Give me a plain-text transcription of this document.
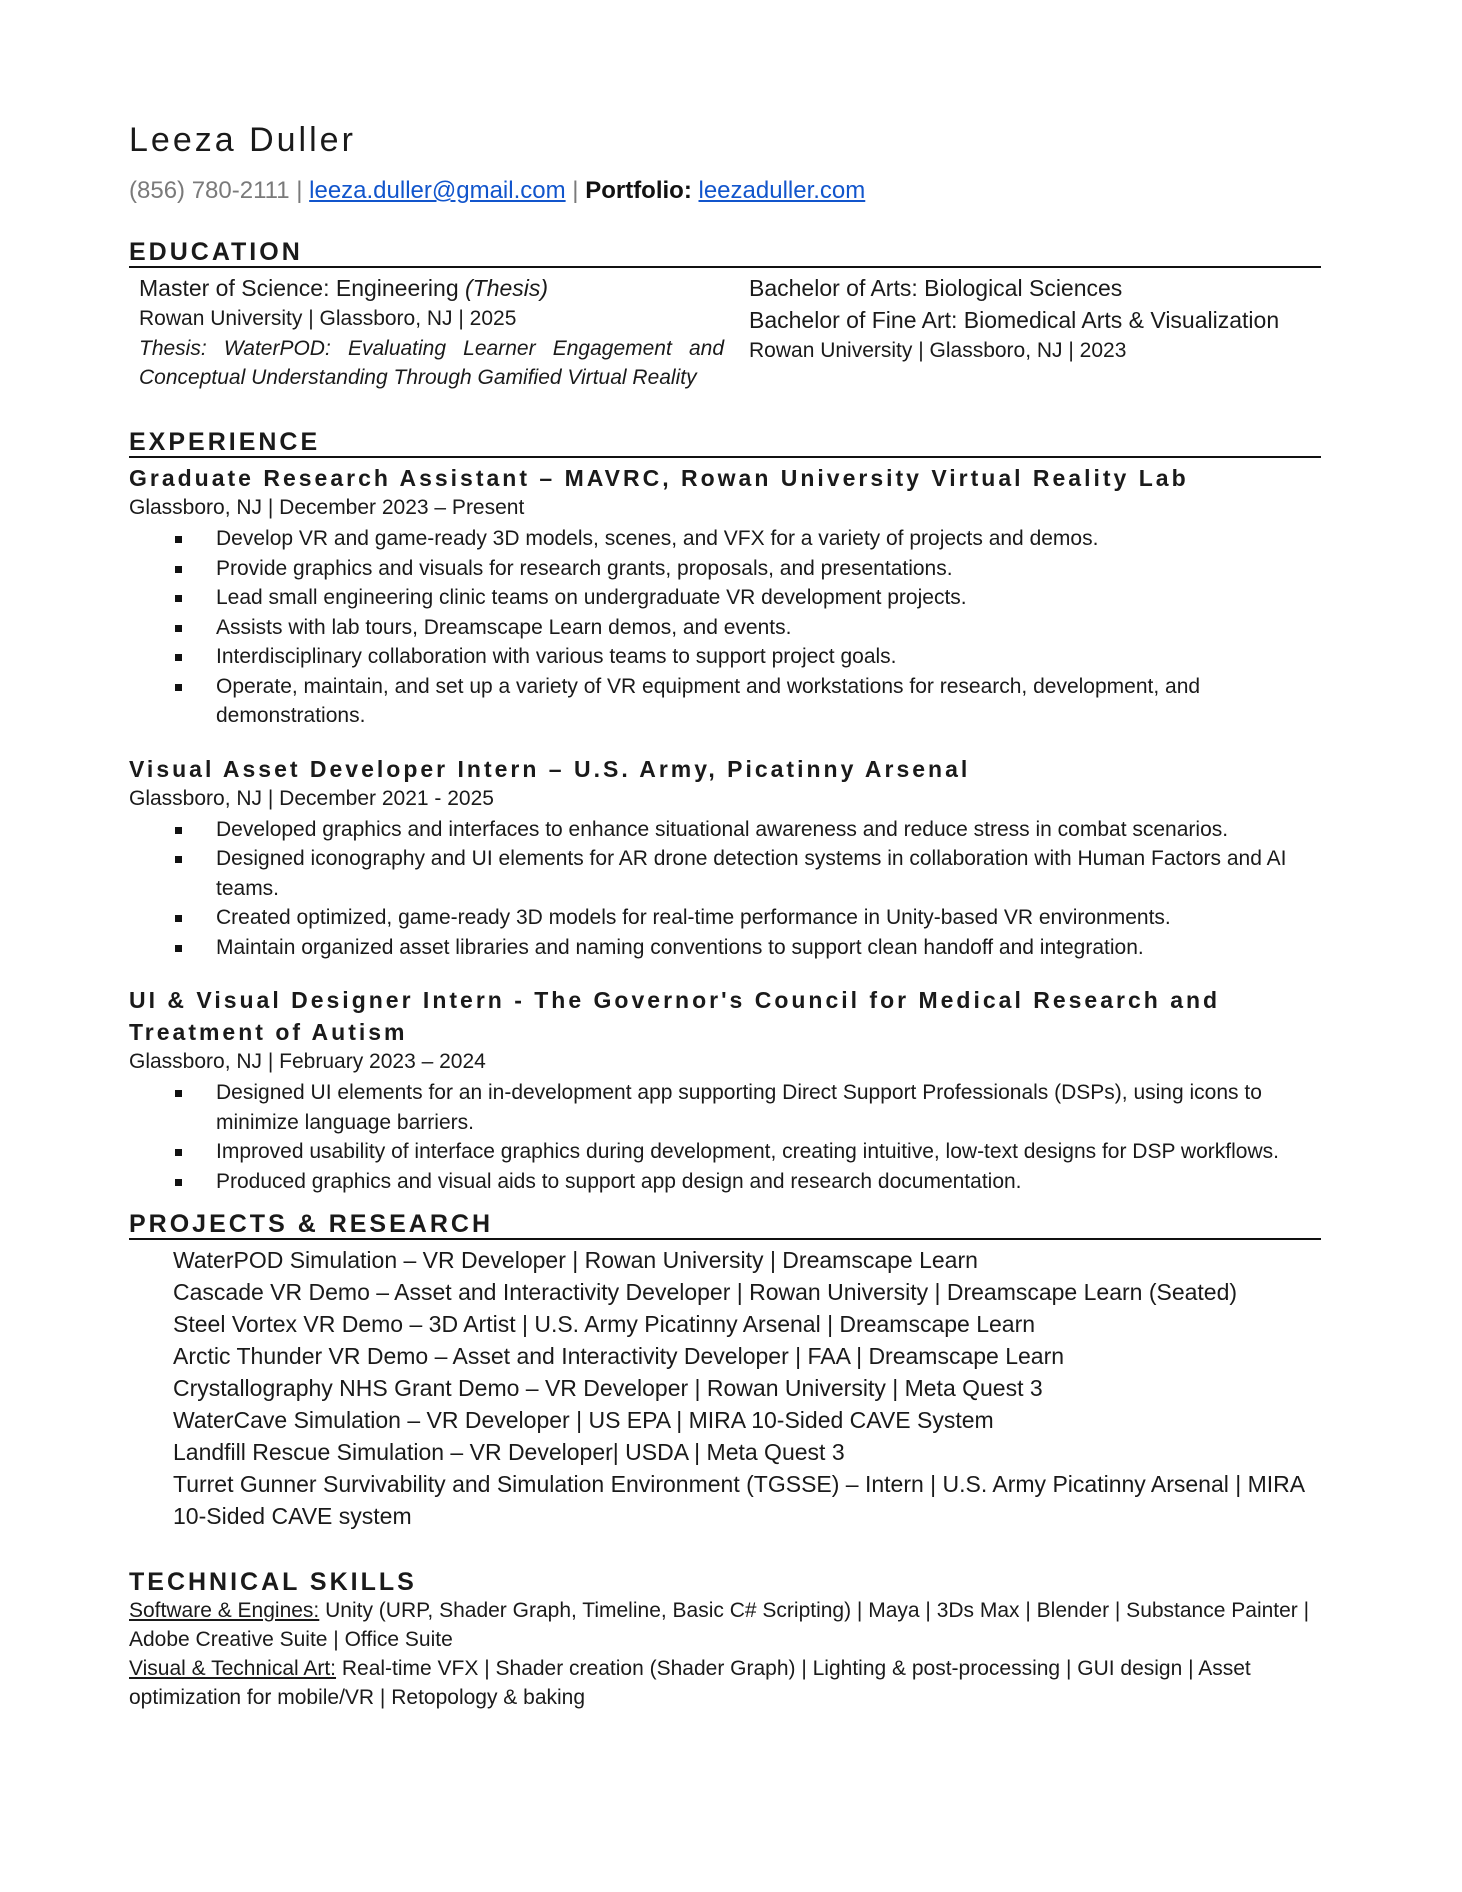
Leeza Duller
(856) 780-2111 | leeza.duller@gmail.com | Portfolio: leezaduller.com
EDUCATION
Master of Science: Engineering (Thesis)
Rowan University | Glassboro, NJ | 2025
Thesis: WaterPOD: Evaluating Learner Engagement and Conceptual Understanding Through Gamified Virtual Reality
Bachelor of Arts: Biological Sciences
Bachelor of Fine Art: Biomedical Arts & Visualization
Rowan University | Glassboro, NJ | 2023
EXPERIENCE
Graduate Research Assistant – MAVRC, Rowan University Virtual Reality Lab
Glassboro, NJ | December 2023 – Present
Develop VR and game-ready 3D models, scenes, and VFX for a variety of projects and demos.
Provide graphics and visuals for research grants, proposals, and presentations.
Lead small engineering clinic teams on undergraduate VR development projects.
Assists with lab tours, Dreamscape Learn demos, and events.
Interdisciplinary collaboration with various teams to support project goals.
Operate, maintain, and set up a variety of VR equipment and workstations for research, development, and demonstrations.
Visual Asset Developer Intern – U.S. Army, Picatinny Arsenal
Glassboro, NJ | December 2021 - 2025
Developed graphics and interfaces to enhance situational awareness and reduce stress in combat scenarios.
Designed iconography and UI elements for AR drone detection systems in collaboration with Human Factors and AI teams.
Created optimized, game-ready 3D models for real-time performance in Unity-based VR environments.
Maintain organized asset libraries and naming conventions to support clean handoff and integration.
UI & Visual Designer Intern - The Governor's Council for Medical Research and Treatment of Autism
Glassboro, NJ | February 2023 – 2024
Designed UI elements for an in-development app supporting Direct Support Professionals (DSPs), using icons to minimize language barriers.
Improved usability of interface graphics during development, creating intuitive, low-text designs for DSP workflows.
Produced graphics and visual aids to support app design and research documentation.
PROJECTS & RESEARCH
WaterPOD Simulation – VR Developer | Rowan University | Dreamscape Learn
Cascade VR Demo – Asset and Interactivity Developer | Rowan University | Dreamscape Learn (Seated)
Steel Vortex VR Demo – 3D Artist | U.S. Army Picatinny Arsenal | Dreamscape Learn
Arctic Thunder VR Demo – Asset and Interactivity Developer | FAA | Dreamscape Learn
Crystallography NHS Grant Demo – VR Developer | Rowan University | Meta Quest 3
WaterCave Simulation – VR Developer | US EPA | MIRA 10-Sided CAVE System
Landfill Rescue Simulation – VR Developer| USDA | Meta Quest 3
Turret Gunner Survivability and Simulation Environment (TGSSE) – Intern | U.S. Army Picatinny Arsenal | MIRA 10-Sided CAVE system
TECHNICAL SKILLS
Software & Engines: Unity (URP, Shader Graph, Timeline, Basic C# Scripting) | Maya | 3Ds Max | Blender | Substance Painter | Adobe Creative Suite | Office Suite
Visual & Technical Art: Real-time VFX | Shader creation (Shader Graph) | Lighting & post-processing | GUI design | Asset optimization for mobile/VR | Retopology & baking
